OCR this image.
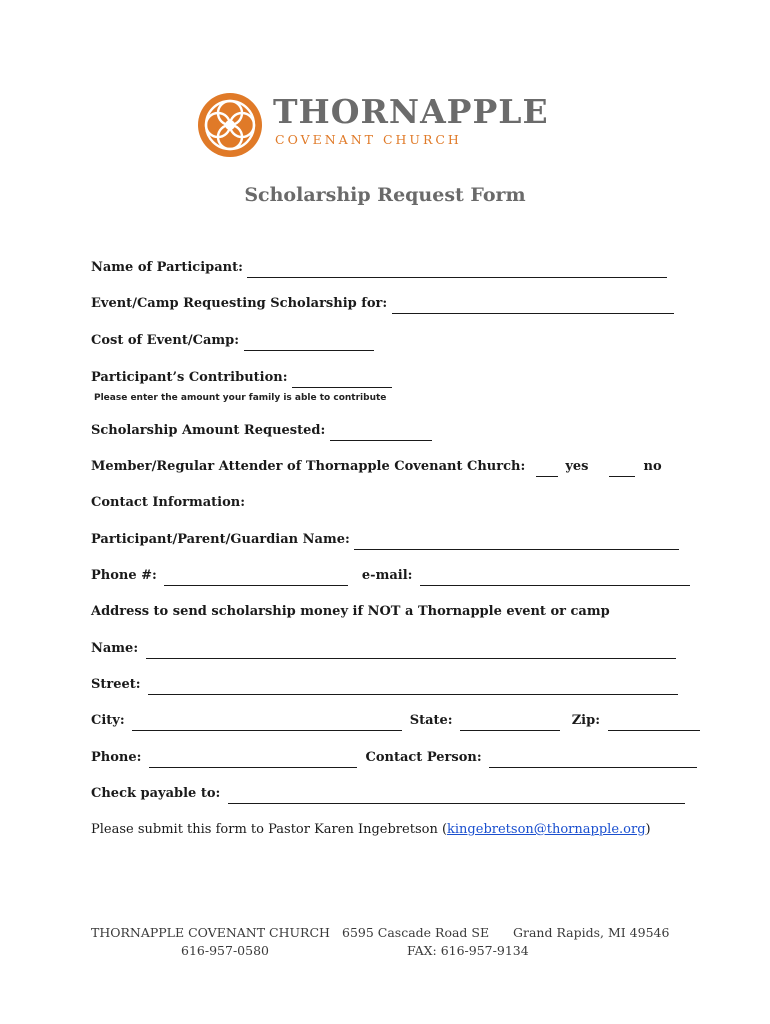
THORNAPPLE
COVENANT CHURCH
Scholarship Request Form
Name of Participant:
Event/Camp Requesting Scholarship for:
Cost of Event/Camp:
Participant’s Contribution:
Please enter the amount your family is able to contribute
Scholarship Amount Requested:
Member/Regular Attender of Thornapple Covenant Church:	yes	no
Contact Information:
Participant/Parent/Guardian Name:
Phone #:	e-mail:
Address to send scholarship money if NOT a Thornapple event or camp
Name:
Street:
City:	State:	Zip:
Phone:	Contact Person:
Check payable to:
Please submit this form to Pastor Karen Ingebretson (kingebretson@thornapple.org)
THORNAPPLE COVENANT CHURCH 6595 Cascade Road SE Grand Rapids, MI 49546
616-957-0580	FAX: 616-957-9134
